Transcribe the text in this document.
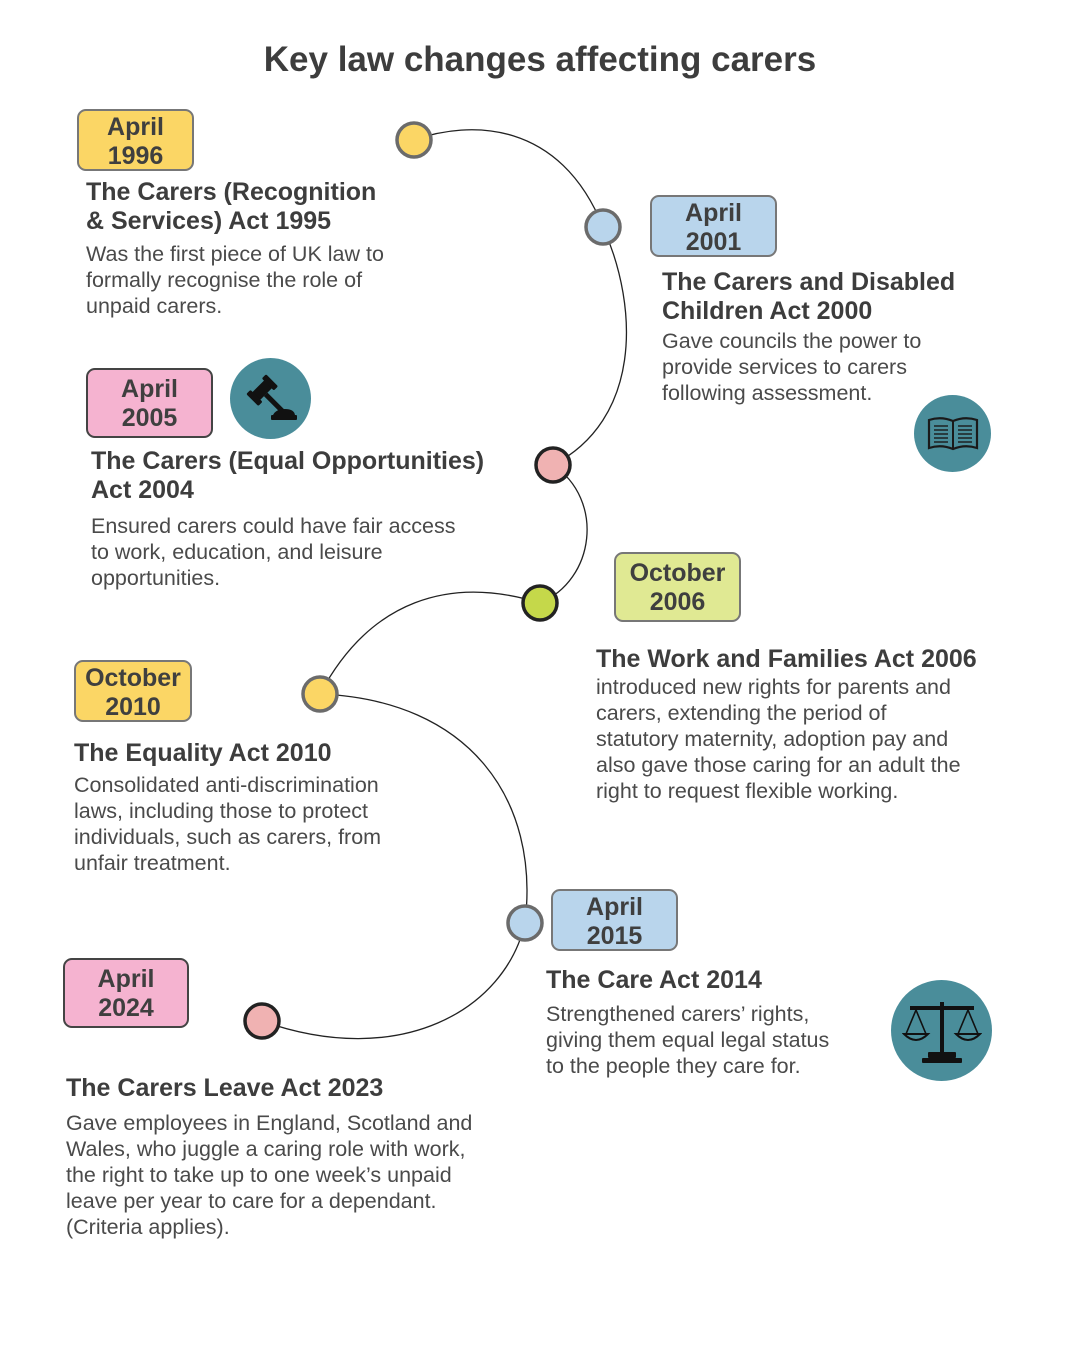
Key law changes affecting carers
April
1996

The Carers (Recognition
& Services) Act 1995

Was the first piece of UK law to
formally recognise the role of
unpaid carers.

April
2001

The Carers and Disabled
Children Act 2000

Gave councils the power to
provide services to carers
following assessment.

April
2005

The Carers (Equal Opportunities)
Act 2004

Ensured carers could have fair access
to work, education, and leisure
opportunities.	October
2006

The Work and Families Act 2006

introduced new rights for parents and
carers, extending the period of
statutory maternity, adoption pay and
also gave those caring for an adult the
right to request flexible working.

October
2010

The Equality Act 2010

Consolidated anti-discrimination
laws, including those to protect
individuals, such as carers, from
unfair treatment.

April
2015

The Care Act 2014

Strengthened carers’ rights,
giving them equal legal status
to the people they care for.

April
2024

The Carers Leave Act 2023

Gave employees in England, Scotland and
Wales, who juggle a caring role with work,
the right to take up to one week’s unpaid
leave per year to care for a dependant.
(Criteria applies).
